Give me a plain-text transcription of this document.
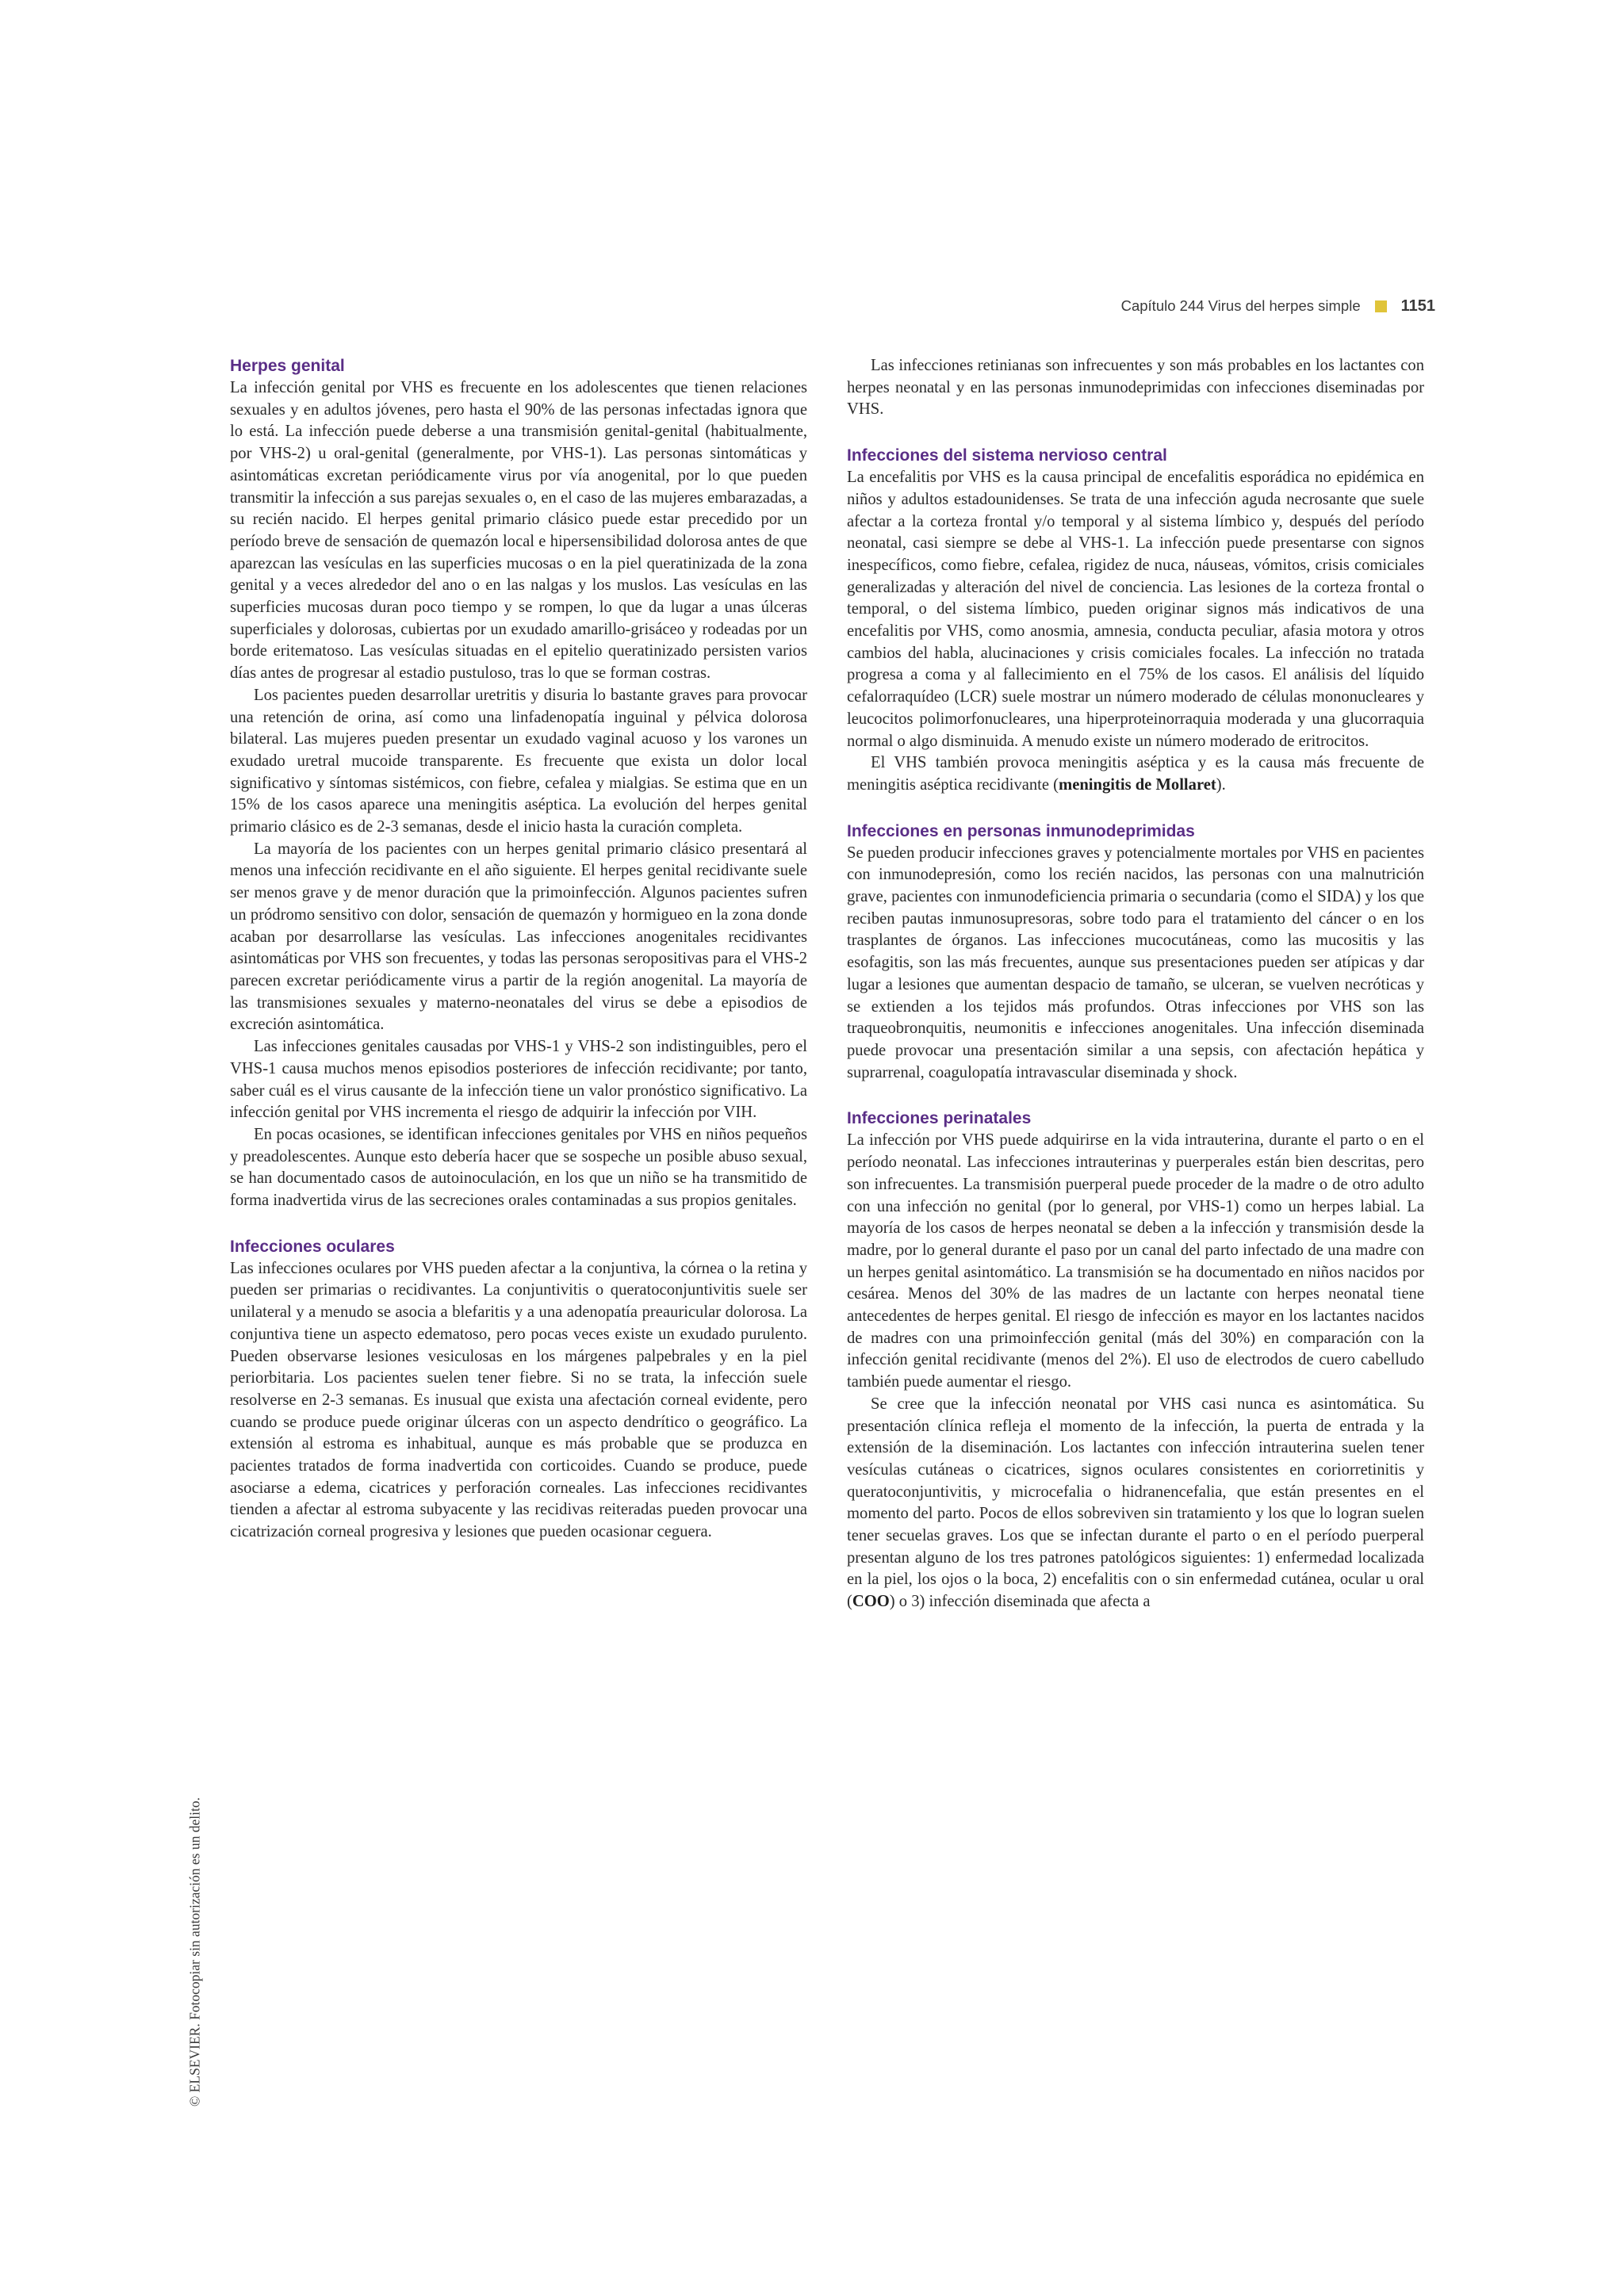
Capítulo 244 Virus del herpes simple	1151
Herpes genital

La infección genital por VHS es frecuente en los adolescentes que tienen relaciones sexuales y en adultos jóvenes, pero hasta el 90% de las personas infectadas ignora que lo está. La infección puede deberse a una transmisión genital-genital (habitualmente, por VHS-2) u oral-genital (generalmente, por VHS-1). Las personas sintomáticas y asintomáticas excretan periódicamente virus por vía anogenital, por lo que pueden transmitir la infección a sus parejas sexuales o, en el caso de las mujeres embarazadas, a su recién nacido. El herpes genital primario clásico puede estar precedido por un período breve de sensación de quemazón local e hipersensibilidad dolorosa antes de que aparezcan las vesículas en las superficies mucosas o en la piel queratinizada de la zona genital y a veces alrededor del ano o en las nalgas y los muslos. Las vesículas en las superficies mucosas duran poco tiempo y se rompen, lo que da lugar a unas úlceras superficiales y dolorosas, cubiertas por un exudado amarillo-grisáceo y rodeadas por un borde eritematoso. Las vesículas situadas en el epitelio queratinizado persisten varios días antes de progresar al estadio pustuloso, tras lo que se forman costras.

Los pacientes pueden desarrollar uretritis y disuria lo bastante graves para provocar una retención de orina, así como una linfadenopatía inguinal y pélvica dolorosa bilateral. Las mujeres pueden presentar un exudado vaginal acuoso y los varones un exudado uretral mucoide transparente. Es frecuente que exista un dolor local significativo y síntomas sistémicos, con fiebre, cefalea y mialgias. Se estima que en un 15% de los casos aparece una meningitis aséptica. La evolución del herpes genital primario clásico es de 2-3 semanas, desde el inicio hasta la curación completa.

La mayoría de los pacientes con un herpes genital primario clásico presentará al menos una infección recidivante en el año siguiente. El herpes genital recidivante suele ser menos grave y de menor duración que la primoinfección. Algunos pacientes sufren un pródromo sensitivo con dolor, sensación de quemazón y hormigueo en la zona donde acaban por desarrollarse las vesículas. Las infecciones anogenitales recidivantes asintomáticas por VHS son frecuentes, y todas las personas seropositivas para el VHS-2 parecen excretar periódicamente virus a partir de la región anogenital. La mayoría de las transmisiones sexuales y materno-neonatales del virus se debe a episodios de excreción asintomática.

Las infecciones genitales causadas por VHS-1 y VHS-2 son indistinguibles, pero el VHS-1 causa muchos menos episodios posteriores de infección recidivante; por tanto, saber cuál es el virus causante de la infección tiene un valor pronóstico significativo. La infección genital por VHS incrementa el riesgo de adquirir la infección por VIH.

En pocas ocasiones, se identifican infecciones genitales por VHS en niños pequeños y preadolescentes. Aunque esto debería hacer que se sospeche un posible abuso sexual, se han documentado casos de autoinoculación, en los que un niño se ha transmitido de forma inadvertida virus de las secreciones orales contaminadas a sus propios genitales.

Infecciones oculares

Las infecciones oculares por VHS pueden afectar a la conjuntiva, la córnea o la retina y pueden ser primarias o recidivantes. La conjuntivitis o queratoconjuntivitis suele ser unilateral y a menudo se asocia a blefaritis y a una adenopatía preauricular dolorosa. La conjuntiva tiene un aspecto edematoso, pero pocas veces existe un exudado purulento. Pueden observarse lesiones vesiculosas en los márgenes palpebrales y en la piel periorbitaria. Los pacientes suelen tener fiebre. Si no se trata, la infección suele resolverse en 2-3 semanas. Es inusual que exista una afectación corneal evidente, pero cuando se produce puede originar úlceras con un aspecto dendrítico o geográfico. La extensión al estroma es inhabitual, aunque es más probable que se produzca en pacientes tratados de forma inadvertida con corticoides. Cuando se produce, puede asociarse a edema, cicatrices y perforación corneales. Las infecciones recidivantes tienden a afectar al estroma subyacente y las recidivas reiteradas pueden provocar una cicatrización corneal progresiva y lesiones que pueden ocasionar ceguera.

Las infecciones retinianas son infrecuentes y son más probables en los lactantes con herpes neonatal y en las personas inmunodeprimidas con infecciones diseminadas por VHS.

Infecciones del sistema nervioso central

La encefalitis por VHS es la causa principal de encefalitis esporádica no epidémica en niños y adultos estadounidenses. Se trata de una infección aguda necrosante que suele afectar a la corteza frontal y/o temporal y al sistema límbico y, después del período neonatal, casi siempre se debe al VHS-1. La infección puede presentarse con signos inespecíficos, como fiebre, cefalea, rigidez de nuca, náuseas, vómitos, crisis comiciales generalizadas y alteración del nivel de conciencia. Las lesiones de la corteza frontal o temporal, o del sistema límbico, pueden originar signos más indicativos de una encefalitis por VHS, como anosmia, amnesia, conducta peculiar, afasia motora y otros cambios del habla, alucinaciones y crisis comiciales focales. La infección no tratada progresa a coma y al fallecimiento en el 75% de los casos. El análisis del líquido cefalorraquídeo (LCR) suele mostrar un número moderado de células mononucleares y leucocitos polimorfonucleares, una hiperproteinorraquia moderada y una glucorraquia normal o algo disminuida. A menudo existe un número moderado de eritrocitos.

El VHS también provoca meningitis aséptica y es la causa más frecuente de meningitis aséptica recidivante (meningitis de Mollaret).

Infecciones en personas inmunodeprimidas

Se pueden producir infecciones graves y potencialmente mortales por VHS en pacientes con inmunodepresión, como los recién nacidos, las personas con una malnutrición grave, pacientes con inmunodeficiencia primaria o secundaria (como el SIDA) y los que reciben pautas inmunosupresoras, sobre todo para el tratamiento del cáncer o en los trasplantes de órganos. Las infecciones mucocutáneas, como las mucositis y las esofagitis, son las más frecuentes, aunque sus presentaciones pueden ser atípicas y dar lugar a lesiones que aumentan despacio de tamaño, se ulceran, se vuelven necróticas y se extienden a los tejidos más profundos. Otras infecciones por VHS son las traqueobronquitis, neumonitis e infecciones anogenitales. Una infección diseminada puede provocar una presentación similar a una sepsis, con afectación hepática y suprarrenal, coagulopatía intravascular diseminada y shock.

Infecciones perinatales

La infección por VHS puede adquirirse en la vida intrauterina, durante el parto o en el período neonatal. Las infecciones intrauterinas y puerperales están bien descritas, pero son infrecuentes. La transmisión puerperal puede proceder de la madre o de otro adulto con una infección no genital (por lo general, por VHS-1) como un herpes labial. La mayoría de los casos de herpes neonatal se deben a la infección y transmisión desde la madre, por lo general durante el paso por un canal del parto infectado de una madre con un herpes genital asintomático. La transmisión se ha documentado en niños nacidos por cesárea. Menos del 30% de las madres de un lactante con herpes neonatal tiene antecedentes de herpes genital. El riesgo de infección es mayor en los lactantes nacidos de madres con una primoinfección genital (más del 30%) en comparación con la infección genital recidivante (menos del 2%). El uso de electrodos de cuero cabelludo también puede aumentar el riesgo.

Se cree que la infección neonatal por VHS casi nunca es asintomática. Su presentación clínica refleja el momento de la infección, la puerta de entrada y la extensión de la diseminación. Los lactantes con infección intrauterina suelen tener vesículas cutáneas o cicatrices, signos oculares consistentes en coriorretinitis y queratoconjuntivitis, y microcefalia o hidranencefalia, que están presentes en el momento del parto. Pocos de ellos sobreviven sin tratamiento y los que lo logran suelen tener secuelas graves. Los que se infectan durante el parto o en el período puerperal presentan alguno de los tres patrones patológicos siguientes: 1) enfermedad localizada en la piel, los ojos o la boca, 2) encefalitis con o sin enfermedad cutánea, ocular u oral (COO) o 3) infección diseminada que afecta a

© ELSEVIER. Fotocopiar sin autorización es un delito.
